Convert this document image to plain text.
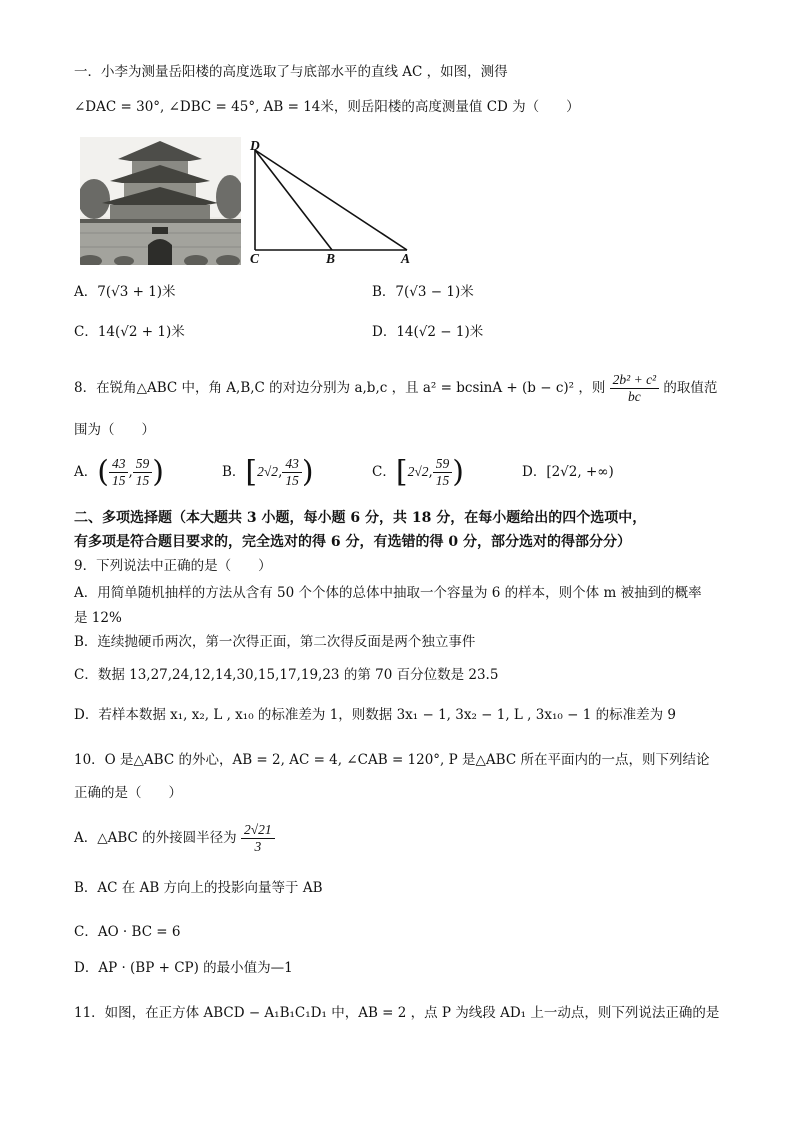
一．小李为测量岳阳楼的高度选取了与底部水平的直线 AC ，如图，测得
∠DAC = 30°, ∠DBC = 45°, AB = 14米，则岳阳楼的高度测量值 CD 为（　　）
D
C	B	A
A．7(√3 + 1)米	B．7(√3 − 1)米
C．14(√2 + 1)米	D．14(√2 − 1)米
8．在锐角△ABC 中，角 A,B,C 的对边分别为 a,b,c ，且 a² = bcsinA + (b − c)² ，则 $\frac{\text{2b² + c²}}{bc}$ 的取值范
围为（　　）
A．( $\frac{43}{15}$ , $\frac{59}{15}$ )	B．[2√2, $\frac{43}{15}$ )	C．[2√2, $\frac{59}{15}$ )	D．[2√2, +∞)
二、多项选择题（本大题共 3 小题，每小题 6 分，共 18 分，在每小题给出的四个选项中，
有多项是符合题目要求的，完全选对的得 6 分，有选错的得 0 分，部分选对的得部分分）
9．下列说法中正确的是（　　）
A．用简单随机抽样的方法从含有 50 个个体的总体中抽取一个容量为 6 的样本，则个体 m 被抽到的概率
是 12%
B．连续抛硬币两次，第一次得正面，第二次得反面是两个独立事件
C．数据 13,27,24,12,14,30,15,17,19,23 的第 70 百分位数是 23.5
D．若样本数据 x₁, x₂, L , x₁₀ 的标准差为 1，则数据 3x₁ − 1, 3x₂ − 1, L , 3x₁₀ − 1 的标准差为 9
10．O 是△ABC 的外心，AB = 2, AC = 4, ∠CAB = 120°, P 是△ABC 所在平面内的一点，则下列结论
正确的是（　　）
A．△ABC 的外接圆半径为 $\frac{2√21}{3}$
B．AC 在 AB 方向上的投影向量等于 AB
C．AO · BC = 6
D．AP · (BP + CP) 的最小值为—1
11．如图，在正方体 ABCD − A₁B₁C₁D₁ 中，AB = 2 ，点 P 为线段 AD₁ 上一动点，则下列说法正确的是
